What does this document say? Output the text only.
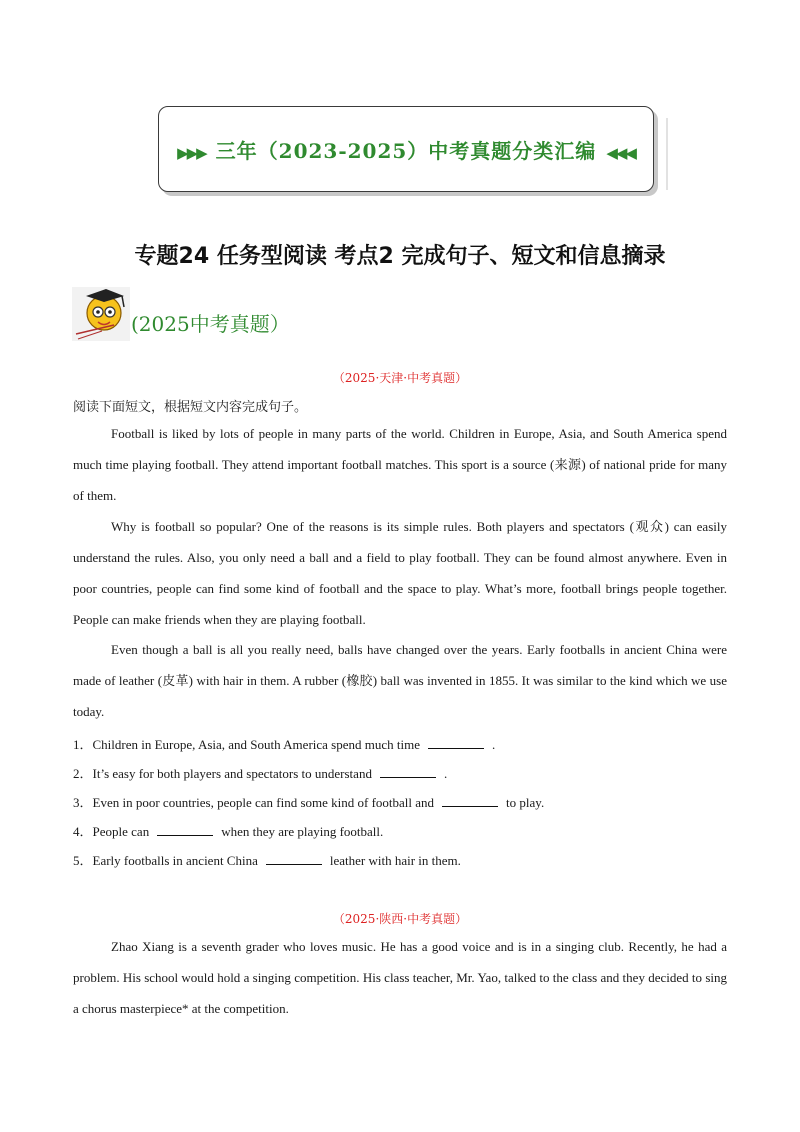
▶▶▶ 三年（2023-2025）中考真题分类汇编 ◀◀◀
专题24 任务型阅读 考点2 完成句子、短文和信息摘录
(2025中考真题）
（2025·天津·中考真题）
阅读下面短文，根据短文内容完成句子。

Football is liked by lots of people in many parts of the world. Children in Europe, Asia, and South America spend much time playing football. They attend important football matches. This sport is a source (来源) of national pride for many of them.

Why is football so popular? One of the reasons is its simple rules. Both players and spectators (观众) can easily understand the rules. Also, you only need a ball and a field to play football. They can be found almost anywhere. Even in poor countries, people can find some kind of football and the space to play. What’s more, football brings people together. People can make friends when they are playing football.

Even though a ball is all you really need, balls have changed over the years. Early footballs in ancient China were made of leather (皮革) with hair in them. A rubber (橡胶) ball was invented in 1855. It was similar to the kind which we use today.

1．Children in Europe, Asia, and South America spend much time	.
2．It’s easy for both players and spectators to understand	.
3．Even in poor countries, people can find some kind of football and	to play.
4．People can	when they are playing football.
5．Early footballs in ancient China	leather with hair in them.
（2025·陕西·中考真题）

Zhao Xiang is a seventh grader who loves music. He has a good voice and is in a singing club. Recently, he had a problem. His school would hold a singing competition. His class teacher, Mr. Yao, talked to the class and they decided to sing a chorus masterpiece* at the competition.
